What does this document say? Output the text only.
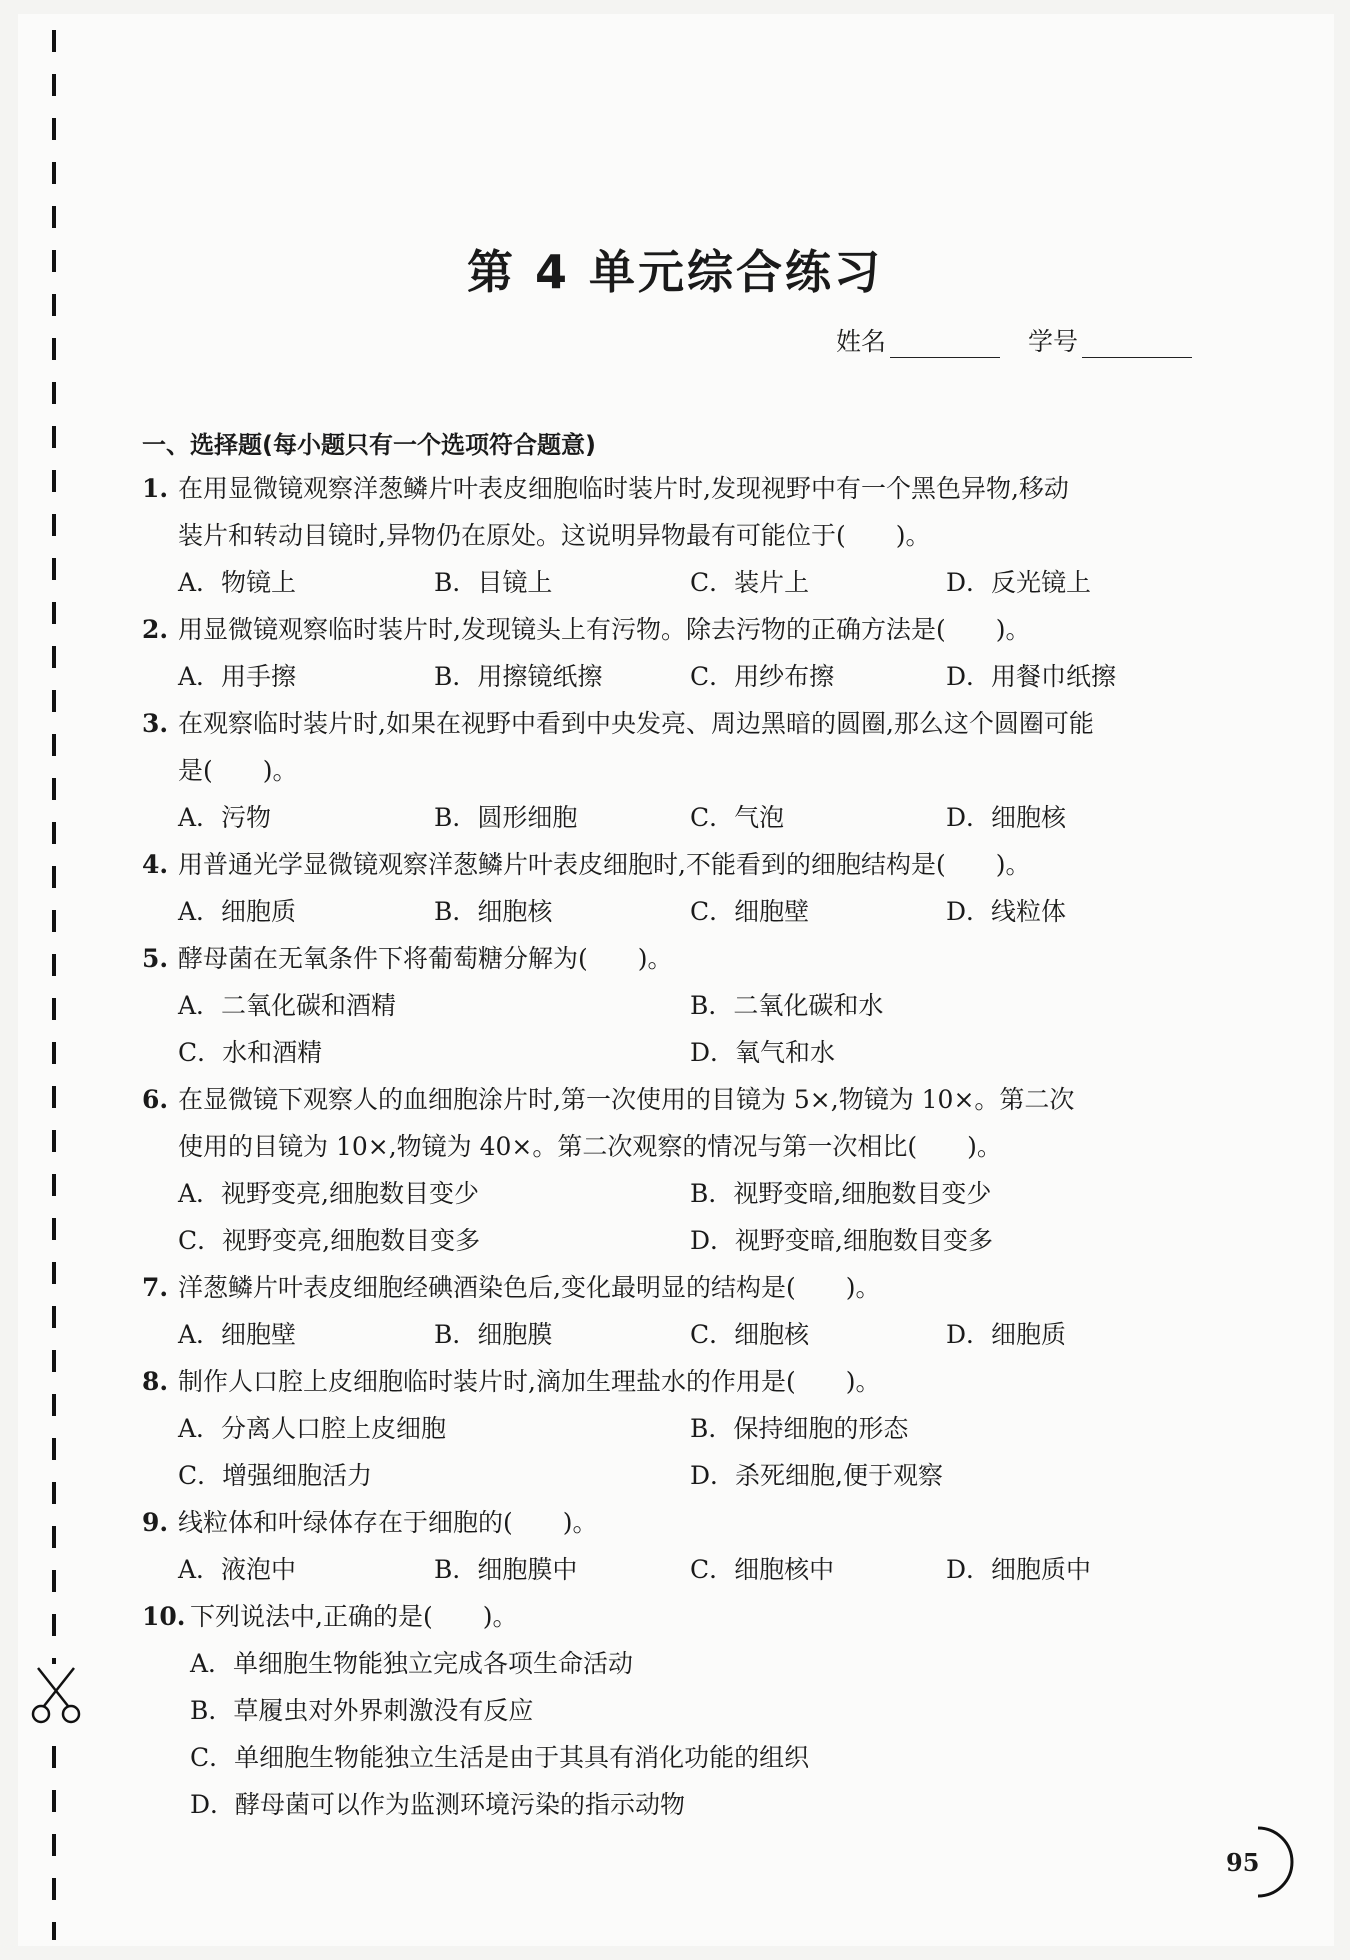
第 4 单元综合练习
姓名	学号
一、选择题(每小题只有一个选项符合题意)
1. 在用显微镜观察洋葱鳞片叶表皮细胞临时装片时,发现视野中有一个黑色异物,移动
装片和转动目镜时,异物仍在原处。这说明异物最有可能位于(　　)。
A．物镜上	B．目镜上	C．装片上	D．反光镜上
2. 用显微镜观察临时装片时,发现镜头上有污物。除去污物的正确方法是(　　)。
A．用手擦	B．用擦镜纸擦	C．用纱布擦	D．用餐巾纸擦
3. 在观察临时装片时,如果在视野中看到中央发亮、周边黑暗的圆圈,那么这个圆圈可能
是(　　)。
A．污物	B．圆形细胞	C．气泡	D．细胞核
4. 用普通光学显微镜观察洋葱鳞片叶表皮细胞时,不能看到的细胞结构是(　　)。
A．细胞质	B．细胞核	C．细胞壁	D．线粒体
5. 酵母菌在无氧条件下将葡萄糖分解为(　　)。
A．二氧化碳和酒精	B．二氧化碳和水
C．水和酒精	D．氧气和水
6. 在显微镜下观察人的血细胞涂片时,第一次使用的目镜为 5×,物镜为 10×。第二次
使用的目镜为 10×,物镜为 40×。第二次观察的情况与第一次相比(　　)。
A．视野变亮,细胞数目变少	B．视野变暗,细胞数目变少
C．视野变亮,细胞数目变多	D．视野变暗,细胞数目变多
7. 洋葱鳞片叶表皮细胞经碘酒染色后,变化最明显的结构是(　　)。
A．细胞壁	B．细胞膜	C．细胞核	D．细胞质
8. 制作人口腔上皮细胞临时装片时,滴加生理盐水的作用是(　　)。
A．分离人口腔上皮细胞	B．保持细胞的形态
C．增强细胞活力	D．杀死细胞,便于观察
9. 线粒体和叶绿体存在于细胞的(　　)。
A．液泡中	B．细胞膜中	C．细胞核中	D．细胞质中
10. 下列说法中,正确的是(　　)。
A．单细胞生物能独立完成各项生命活动
B．草履虫对外界刺激没有反应
C．单细胞生物能独立生活是由于其具有消化功能的组织
D．酵母菌可以作为监测环境污染的指示动物
95
